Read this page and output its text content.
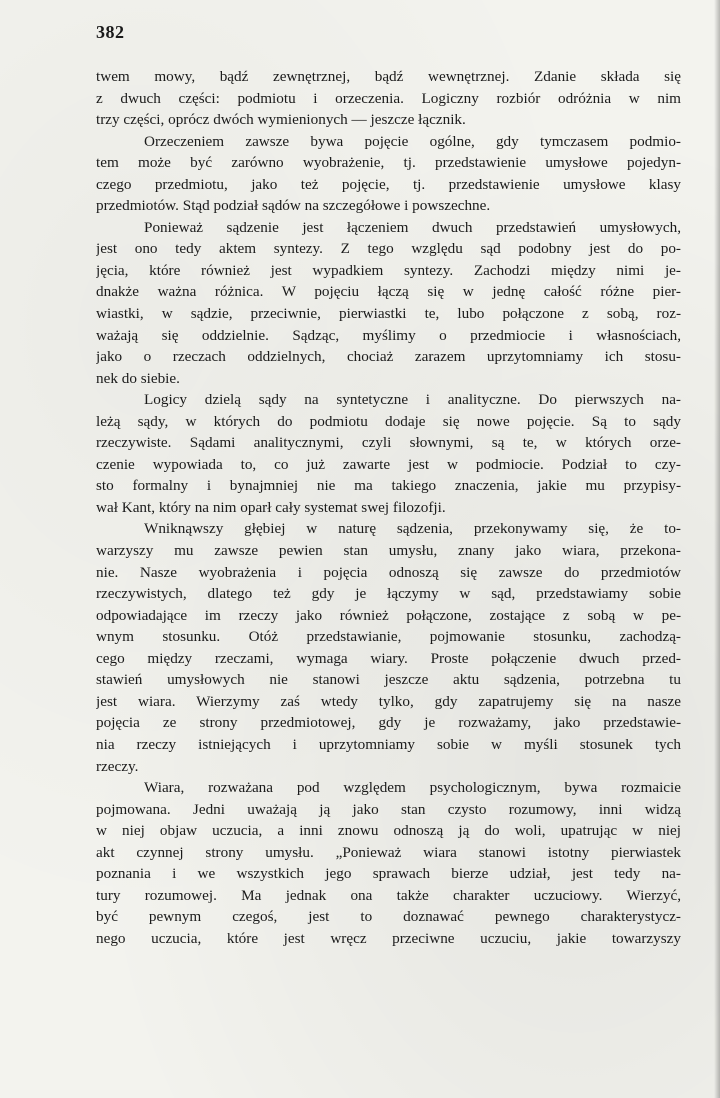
382
twem mowy, bądź zewnętrznej, bądź wewnętrznej. Zdanie składa się
z dwuch części: podmiotu i orzeczenia. Logiczny rozbiór odróżnia w nim
trzy części, oprócz dwóch wymienionych — jeszcze łącznik.
Orzeczeniem zawsze bywa pojęcie ogólne, gdy tymczasem podmio-
tem może być zarówno wyobrażenie, tj. przedstawienie umysłowe pojedyn-
czego przedmiotu, jako też pojęcie, tj. przedstawienie umysłowe klasy
przedmiotów. Stąd podział sądów na szczegółowe i powszechne.
Ponieważ sądzenie jest łączeniem dwuch przedstawień umysłowych,
jest ono tedy aktem syntezy. Z tego względu sąd podobny jest do po-
jęcia, które również jest wypadkiem syntezy. Zachodzi między nimi je-
dnakże ważna różnica. W pojęciu łączą się w jednę całość różne pier-
wiastki, w sądzie, przeciwnie, pierwiastki te, lubo połączone z sobą, roz-
ważają się oddzielnie. Sądząc, myślimy o przedmiocie i własnościach,
jako o rzeczach oddzielnych, chociaż zarazem uprzytomniamy ich stosu-
nek do siebie.
Logicy dzielą sądy na syntetyczne i analityczne. Do pierwszych na-
leżą sądy, w których do podmiotu dodaje się nowe pojęcie. Są to sądy
rzeczywiste. Sądami analitycznymi, czyli słownymi, są te, w których orze-
czenie wypowiada to, co już zawarte jest w podmiocie. Podział to czy-
sto formalny i bynajmniej nie ma takiego znaczenia, jakie mu przypisy-
wał Kant, który na nim oparł cały systemat swej filozofji.
Wniknąwszy głębiej w naturę sądzenia, przekonywamy się, że to-
warzyszy mu zawsze pewien stan umysłu, znany jako wiara, przekona-
nie. Nasze wyobrażenia i pojęcia odnoszą się zawsze do przedmiotów
rzeczywistych, dlatego też gdy je łączymy w sąd, przedstawiamy sobie
odpowiadające im rzeczy jako również połączone, zostające z sobą w pe-
wnym stosunku. Otóż przedstawianie, pojmowanie stosunku, zachodzą-
cego między rzeczami, wymaga wiary. Proste połączenie dwuch przed-
stawień umysłowych nie stanowi jeszcze aktu sądzenia, potrzebna tu
jest wiara. Wierzymy zaś wtedy tylko, gdy zapatrujemy się na nasze
pojęcia ze strony przedmiotowej, gdy je rozważamy, jako przedstawie-
nia rzeczy istniejących i uprzytomniamy sobie w myśli stosunek tych
rzeczy.
Wiara, rozważana pod względem psychologicznym, bywa rozmaicie
pojmowana. Jedni uważają ją jako stan czysto rozumowy, inni widzą
w niej objaw uczucia, a inni znowu odnoszą ją do woli, upatrując w niej
akt czynnej strony umysłu. „Ponieważ wiara stanowi istotny pierwiastek
poznania i we wszystkich jego sprawach bierze udział, jest tedy na-
tury rozumowej. Ma jednak ona także charakter uczuciowy. Wierzyć,
być pewnym czegoś, jest to doznawać pewnego charakterystycz-
nego uczucia, które jest wręcz przeciwne uczuciu, jakie towarzyszy
